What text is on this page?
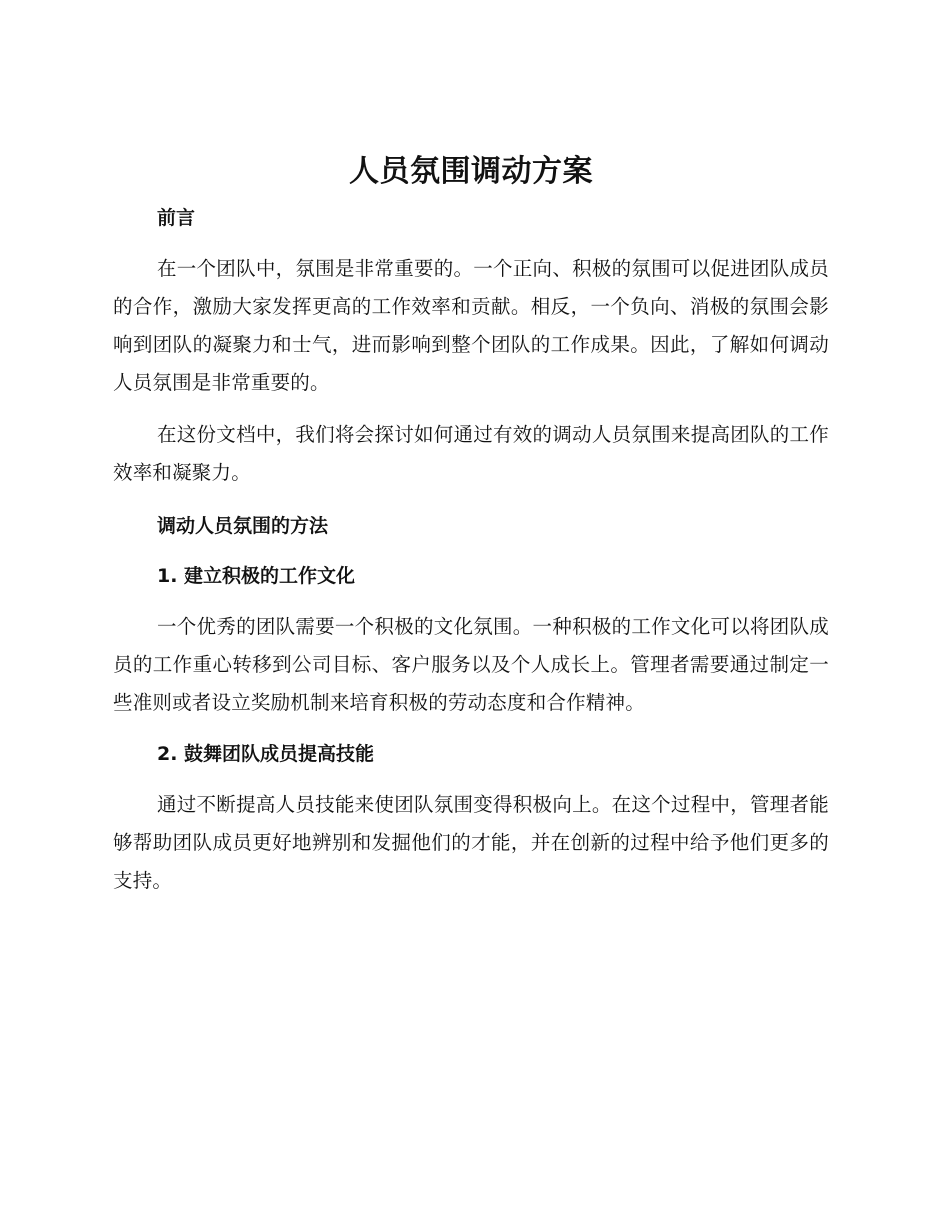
人员氛围调动方案
前言

在一个团队中，氛围是非常重要的。一个正向、积极的氛围可以促进团队成员的合作，激励大家发挥更高的工作效率和贡献。相反，一个负向、消极的氛围会影响到团队的凝聚力和士气，进而影响到整个团队的工作成果。因此，了解如何调动人员氛围是非常重要的。

在这份文档中，我们将会探讨如何通过有效的调动人员氛围来提高团队的工作效率和凝聚力。

调动人员氛围的方法
1. 建立积极的工作文化

一个优秀的团队需要一个积极的文化氛围。一种积极的工作文化可以将团队成员的工作重心转移到公司目标、客户服务以及个人成长上。管理者需要通过制定一些准则或者设立奖励机制来培育积极的劳动态度和合作精神。

2. 鼓舞团队成员提高技能

通过不断提高人员技能来使团队氛围变得积极向上。在这个过程中，管理者能够帮助团队成员更好地辨别和发掘他们的才能，并在创新的过程中给予他们更多的支持。
